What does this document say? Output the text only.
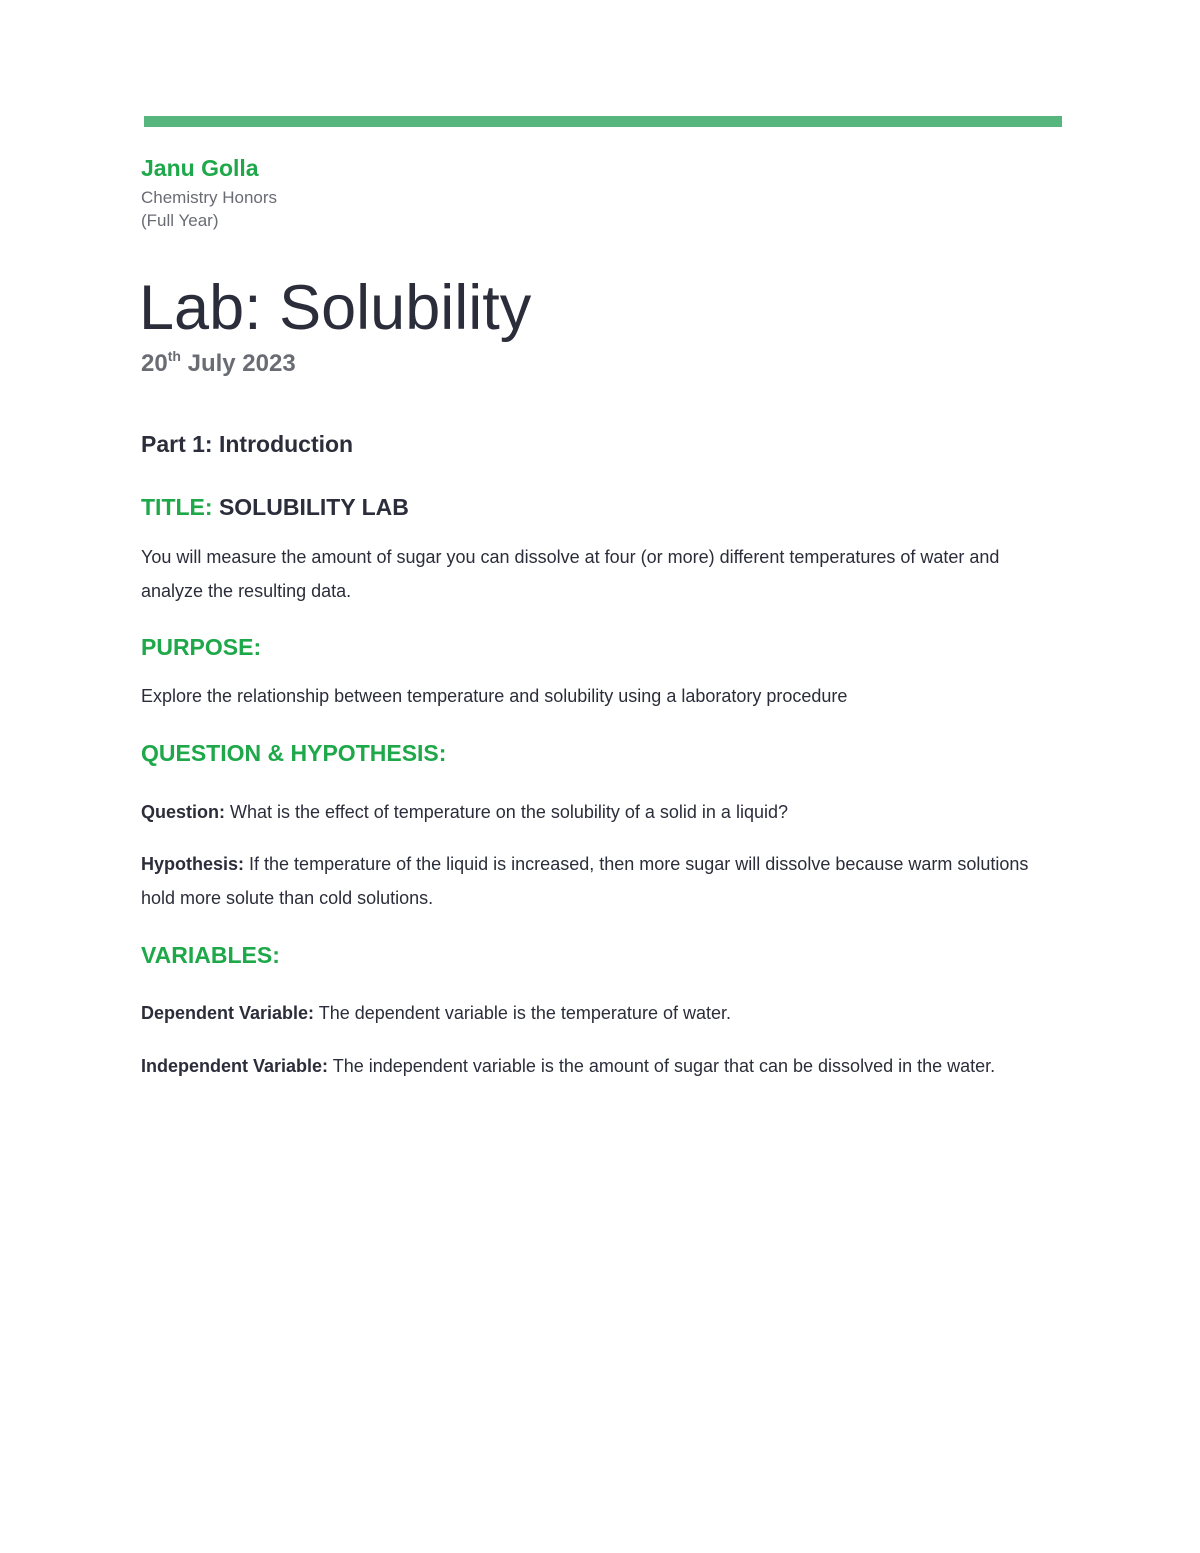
Janu Golla
Chemistry Honors
(Full Year)
Lab: Solubility
20th July 2023
Part 1: Introduction
TITLE: SOLUBILITY LAB
You will measure the amount of sugar you can dissolve at four (or more) different temperatures of water and analyze the resulting data.
PURPOSE:
Explore the relationship between temperature and solubility using a laboratory procedure
QUESTION & HYPOTHESIS:
Question: What is the effect of temperature on the solubility of a solid in a liquid?
Hypothesis: If the temperature of the liquid is increased, then more sugar will dissolve because warm solutions hold more solute than cold solutions.
VARIABLES:
Dependent Variable: The dependent variable is the temperature of water.
Independent Variable: The independent variable is the amount of sugar that can be dissolved in the water.
